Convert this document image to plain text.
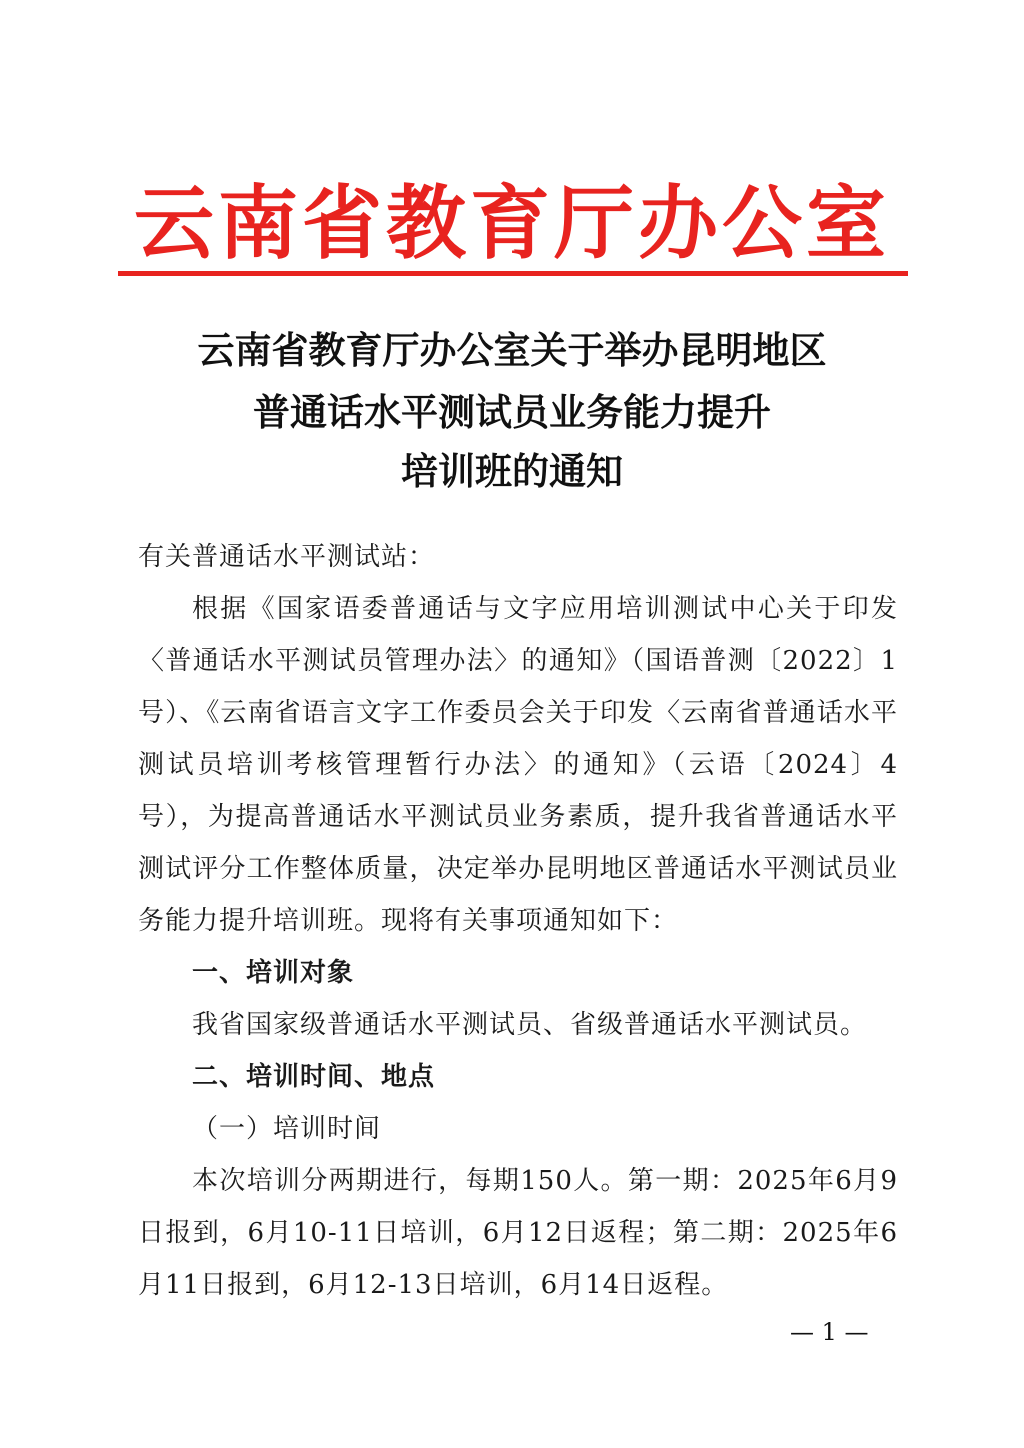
云南省教育厅办公室
云南省教育厅办公室关于举办昆明地区
普通话水平测试员业务能力提升
培训班的通知
有关普通话水平测试站：
根据《国家语委普通话与文字应用培训测试中心关于印发〈普通话水平测试员管理办法〉的通知》（国语普测〔2022〕1号）、《云南省语言文字工作委员会关于印发〈云南省普通话水平测试员培训考核管理暂行办法〉的通知》（云语〔2024〕4号），为提高普通话水平测试员业务素质，提升我省普通话水平测试评分工作整体质量，决定举办昆明地区普通话水平测试员业务能力提升培训班。现将有关事项通知如下：
一、培训对象
我省国家级普通话水平测试员、省级普通话水平测试员。
二、培训时间、地点
（一）培训时间
本次培训分两期进行，每期150人。第一期：2025年6月9日报到，6月10-11日培训，6月12日返程；第二期：2025年6月11日报到，6月12-13日培训，6月14日返程。
— 1 —
